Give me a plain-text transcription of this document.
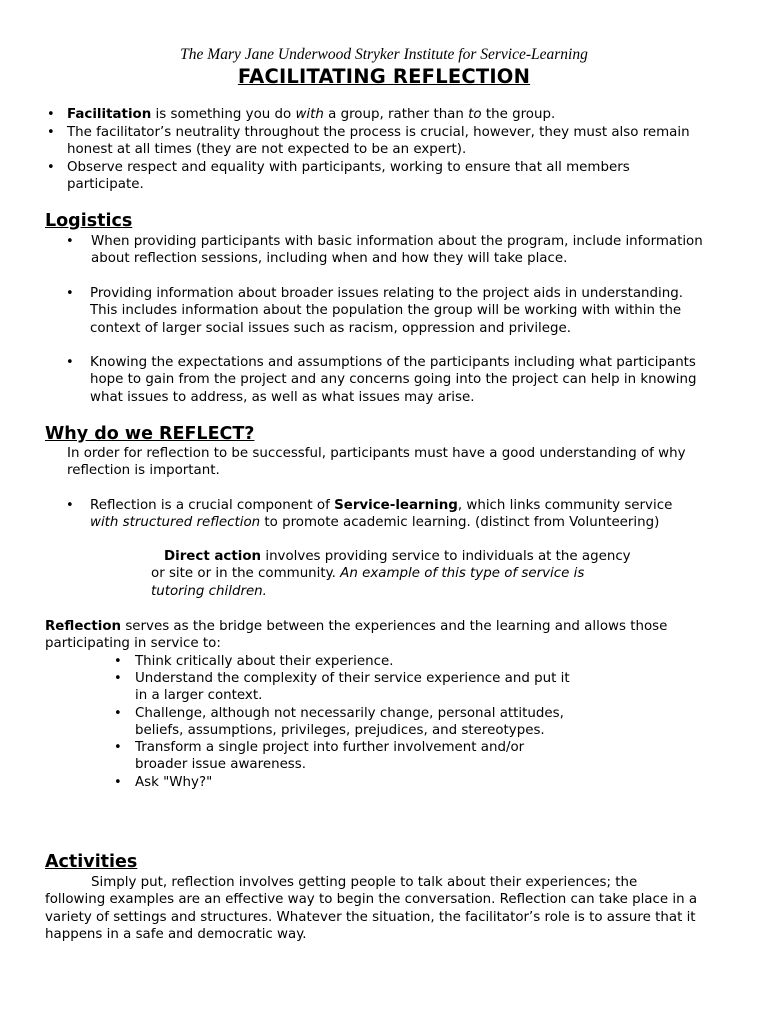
The Mary Jane Underwood Stryker Institute for Service-Learning
FACILITATING REFLECTION
• Facilitation is something you do with a group, rather than to the group.
• The facilitator’s neutrality throughout the process is crucial, however, they must also remain
honest at all times (they are not expected to be an expert).
• Observe respect and equality with participants, working to ensure that all members
participate.
Logistics
• When providing participants with basic information about the program, include information
about reflection sessions, including when and how they will take place.
• Providing information about broader issues relating to the project aids in understanding.
This includes information about the population the group will be working with within the
context of larger social issues such as racism, oppression and privilege.
• Knowing the expectations and assumptions of the participants including what participants
hope to gain from the project and any concerns going into the project can help in knowing
what issues to address, as well as what issues may arise.
Why do we REFLECT?
In order for reflection to be successful, participants must have a good understanding of why
reflection is important.
• Reflection is a crucial component of Service-learning, which links community service
with structured reflection to promote academic learning. (distinct from Volunteering)
Direct action involves providing service to individuals at the agency
or site or in the community. An example of this type of service is
tutoring children.
Reflection serves as the bridge between the experiences and the learning and allows those
participating in service to:
• Think critically about their experience.
• Understand the complexity of their service experience and put it
in a larger context.
• Challenge, although not necessarily change, personal attitudes,
beliefs, assumptions, privileges, prejudices, and stereotypes.
• Transform a single project into further involvement and/or
broader issue awareness.
• Ask "Why?"
Activities
Simply put, reflection involves getting people to talk about their experiences; the
following examples are an effective way to begin the conversation. Reflection can take place in a
variety of settings and structures. Whatever the situation, the facilitator’s role is to assure that it
happens in a safe and democratic way.
